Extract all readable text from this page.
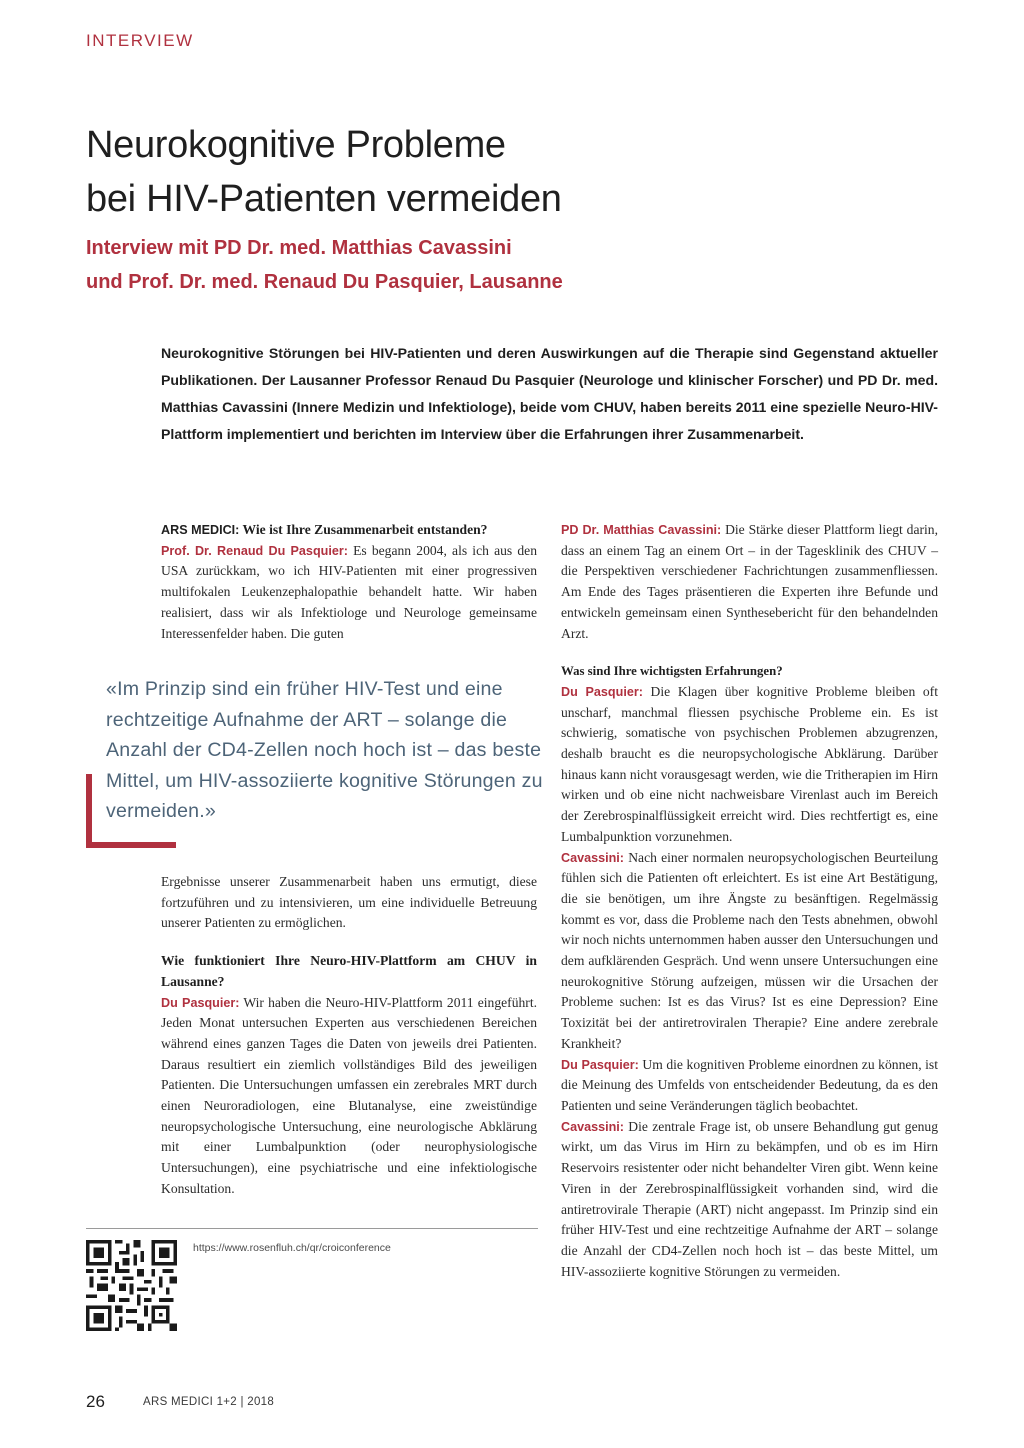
INTERVIEW
Neurokognitive Probleme
bei HIV-Patienten vermeiden
Interview mit PD Dr. med. Matthias Cavassini
und Prof. Dr. med. Renaud Du Pasquier, Lausanne

Neurokognitive Störungen bei HIV-Patienten und deren Auswirkungen auf die Therapie sind Gegenstand aktueller Publikationen. Der Lausanner Professor Renaud Du Pasquier (Neurologe und klinischer Forscher) und PD Dr. med. Matthias Cavassini (Innere Medizin und Infektiologe), beide vom CHUV, haben bereits 2011 eine spezielle Neuro-HIV-Plattform implementiert und berichten im Interview über die Erfahrungen ihrer Zusammenarbeit.

ARS MEDICI: Wie ist Ihre Zusammenarbeit entstanden?

Prof. Dr. Renaud Du Pasquier: Es begann 2004, als ich aus den USA zurückkam, wo ich HIV-Patienten mit einer progressiven multifokalen Leukenzephalopathie behandelt hatte. Wir haben realisiert, dass wir als Infektiologe und Neurologe gemeinsame Interessenfelder haben. Die guten

«Im Prinzip sind ein früher HIV-Test und eine rechtzeitige Aufnahme der ART – solange die Anzahl der CD4-Zellen noch hoch ist – das beste Mittel, um HIV-assoziierte kognitive Störungen zu vermeiden.»

Ergebnisse unserer Zusammenarbeit haben uns ermutigt, diese fortzuführen und zu intensivieren, um eine individuelle Betreuung unserer Patienten zu ermöglichen.

Wie funktioniert Ihre Neuro-HIV-Plattform am CHUV in Lausanne?

Du Pasquier: Wir haben die Neuro-HIV-Plattform 2011 eingeführt. Jeden Monat untersuchen Experten aus verschiedenen Bereichen während eines ganzen Tages die Daten von jeweils drei Patienten. Daraus resultiert ein ziemlich vollständiges Bild des jeweiligen Patienten. Die Untersuchungen umfassen ein zerebrales MRT durch einen Neuroradiologen, eine Blutanalyse, eine zweistündige neuropsychologische Untersuchung, eine neurologische Abklärung mit einer Lumbalpunktion (oder neurophysiologische Untersuchungen), eine psychiatrische und eine infektiologische Konsultation.

PD Dr. Matthias Cavassini: Die Stärke dieser Plattform liegt darin, dass an einem Tag an einem Ort – in der Tagesklinik des CHUV – die Perspektiven verschiedener Fachrichtungen zusammenfliessen. Am Ende des Tages präsentieren die Experten ihre Befunde und entwickeln gemeinsam einen Synthesebericht für den behandelnden Arzt.

Was sind Ihre wichtigsten Erfahrungen?

Du Pasquier: Die Klagen über kognitive Probleme bleiben oft unscharf, manchmal fliessen psychische Probleme ein. Es ist schwierig, somatische von psychischen Problemen abzugrenzen, deshalb braucht es die neuropsychologische Abklärung. Darüber hinaus kann nicht vorausgesagt werden, wie die Tritherapien im Hirn wirken und ob eine nicht nachweisbare Virenlast auch im Bereich der Zerebrospinalflüssigkeit erreicht wird. Dies rechtfertigt es, eine Lumbalpunktion vorzunehmen.

Cavassini: Nach einer normalen neuropsychologischen Beurteilung fühlen sich die Patienten oft erleichtert. Es ist eine Art Bestätigung, die sie benötigen, um ihre Ängste zu besänftigen. Regelmässig kommt es vor, dass die Probleme nach den Tests abnehmen, obwohl wir noch nichts unternommen haben ausser den Untersuchungen und dem aufklärenden Gespräch. Und wenn unsere Untersuchungen eine neurokognitive Störung aufzeigen, müssen wir die Ursachen der Probleme suchen: Ist es das Virus? Ist es eine Depression? Eine Toxizität bei der antiretroviralen Therapie? Eine andere zerebrale Krankheit?

Du Pasquier: Um die kognitiven Probleme einordnen zu können, ist die Meinung des Umfelds von entscheidender Bedeutung, da es den Patienten und seine Veränderungen täglich beobachtet.

Cavassini: Die zentrale Frage ist, ob unsere Behandlung gut genug wirkt, um das Virus im Hirn zu bekämpfen, und ob es im Hirn Reservoirs resistenter oder nicht behandelter Viren gibt. Wenn keine Viren in der Zerebrospinalflüssigkeit vorhanden sind, wird die antiretrovirale Therapie (ART) nicht angepasst. Im Prinzip sind ein früher HIV-Test und eine rechtzeitige Aufnahme der ART – solange die Anzahl der CD4-Zellen noch hoch ist – das beste Mittel, um HIV-assoziierte kognitive Störungen zu vermeiden.

https://www.rosenfluh.ch/qr/croiconference
26	ARS MEDICI 1+2 | 2018
